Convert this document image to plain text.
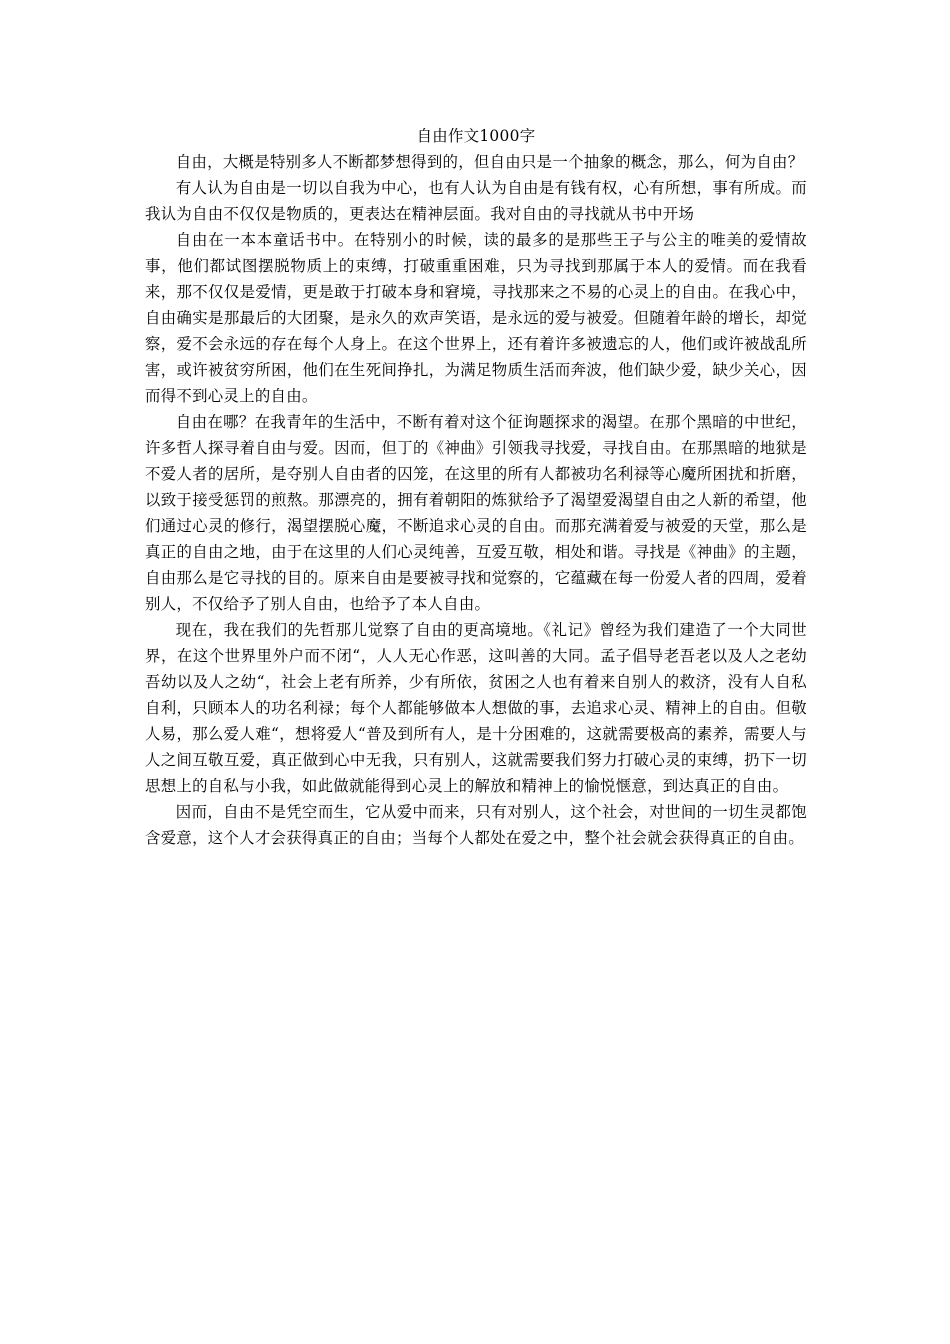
自由作文1000字

自由，大概是特别多人不断都梦想得到的，但自由只是一个抽象的概念，那么，何为自由？

有人认为自由是一切以自我为中心，也有人认为自由是有钱有权，心有所想，事有所成。而我认为自由不仅仅是物质的，更表达在精神层面。我对自由的寻找就从书中开场

自由在一本本童话书中。在特别小的时候，读的最多的是那些王子与公主的唯美的爱情故事，他们都试图摆脱物质上的束缚，打破重重困难，只为寻找到那属于本人的爱情。而在我看来，那不仅仅是爱情，更是敢于打破本身和窘境，寻找那来之不易的心灵上的自由。在我心中，自由确实是那最后的大团聚，是永久的欢声笑语，是永远的爱与被爱。但随着年龄的增长，却觉察，爱不会永远的存在每个人身上。在这个世界上，还有着许多被遗忘的人，他们或许被战乱所害，或许被贫穷所困，他们在生死间挣扎，为满足物质生活而奔波，他们缺少爱，缺少关心，因而得不到心灵上的自由。

自由在哪？在我青年的生活中，不断有着对这个征询题探求的渴望。在那个黑暗的中世纪，许多哲人探寻着自由与爱。因而，但丁的《神曲》引领我寻找爱，寻找自由。在那黑暗的地狱是不爱人者的居所，是夺别人自由者的囚笼，在这里的所有人都被功名利禄等心魔所困扰和折磨，以致于接受惩罚的煎熬。那漂亮的，拥有着朝阳的炼狱给予了渴望爱渴望自由之人新的希望，他们通过心灵的修行，渴望摆脱心魔，不断追求心灵的自由。而那充满着爱与被爱的天堂，那么是真正的自由之地，由于在这里的人们心灵纯善，互爱互敬，相处和谐。寻找是《神曲》的主题，自由那么是它寻找的目的。原来自由是要被寻找和觉察的，它蕴藏在每一份爱人者的四周，爱着别人，不仅给予了别人自由，也给予了本人自由。

现在，我在我们的先哲那儿觉察了自由的更高境地。《礼记》曾经为我们建造了一个大同世界，在这个世界里外户而不闭“，人人无心作恶，这叫善的大同。孟子倡导老吾老以及人之老幼吾幼以及人之幼“，社会上老有所养，少有所依，贫困之人也有着来自别人的救济，没有人自私自利，只顾本人的功名利禄；每个人都能够做本人想做的事，去追求心灵、精神上的自由。但敬人易，那么爱人难“，想将爱人“普及到所有人，是十分困难的，这就需要极高的素养，需要人与人之间互敬互爱，真正做到心中无我，只有别人，这就需要我们努力打破心灵的束缚，扔下一切思想上的自私与小我，如此做就能得到心灵上的解放和精神上的愉悦惬意，到达真正的自由。

因而，自由不是凭空而生，它从爱中而来，只有对别人，这个社会，对世间的一切生灵都饱含爱意，这个人才会获得真正的自由；当每个人都处在爱之中，整个社会就会获得真正的自由。
